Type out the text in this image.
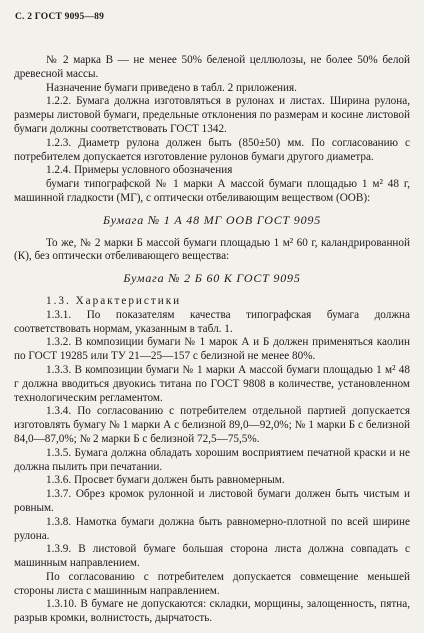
С. 2 ГОСТ 9095—89

№ 2 марка В — не менее 50% беленой целлюлозы, не более 50% белой древесной массы.

Назначение бумаги приведено в табл. 2 приложения.

1.2.2. Бумага должна изготовляться в рулонах и листах. Ширина рулона, размеры листовой бумаги, предельные отклонения по размерам и косине листовой бумаги должны соответствовать ГОСТ 1342.

1.2.3. Диаметр рулона должен быть (850±50) мм. По согласованию с потребителем допускается изготовление рулонов бумаги другого диаметра.

1.2.4. Примеры условного обозначения

бумаги типографской № 1 марки А массой бумаги площадью 1 м² 48 г, машинной гладкости (МГ), с оптически отбеливающим веществом (ООВ):

Бумага № 1 А 48 МГ ООВ ГОСТ 9095

То же, № 2 марки Б массой бумаги площадью 1 м² 60 г, каландрированной (К), без оптически отбеливающего вещества:

Бумага № 2 Б 60 К ГОСТ 9095

1.3. Характеристики

1.3.1. По показателям качества типографская бумага должна соответствовать нормам, указанным в табл. 1.

1.3.2. В композиции бумаги № 1 марок А и Б должен применяться каолин по ГОСТ 19285 или ТУ 21—25—157 с белизной не менее 80%.

1.3.3. В композиции бумаги № 1 марки А массой бумаги площадью 1 м² 48 г должна вводиться двуокись титана по ГОСТ 9808 в количестве, установленном технологическим регламентом.

1.3.4. По согласованию с потребителем отдельной партией допускается изготовлять бумагу № 1 марки А с белизной 89,0—92,0%; № 1 марки Б с белизной 84,0—87,0%; № 2 марки Б с белизной 72,5—75,5%.

1.3.5. Бумага должна обладать хорошим восприятием печатной краски и не должна пылить при печатании.

1.3.6. Просвет бумаги должен быть равномерным.

1.3.7. Обрез кромок рулонной и листовой бумаги должен быть чистым и ровным.

1.3.8. Намотка бумаги должна быть равномерно-плотной по всей ширине рулона.

1.3.9. В листовой бумаге большая сторона листа должна совпадать с машинным направлением.

По согласованию с потребителем допускается совмещение меньшей стороны листа с машинным направлением.

1.3.10. В бумаге не допускаются: складки, морщины, залощенность, пятна, разрыв кромки, волнистость, дырчатость.
